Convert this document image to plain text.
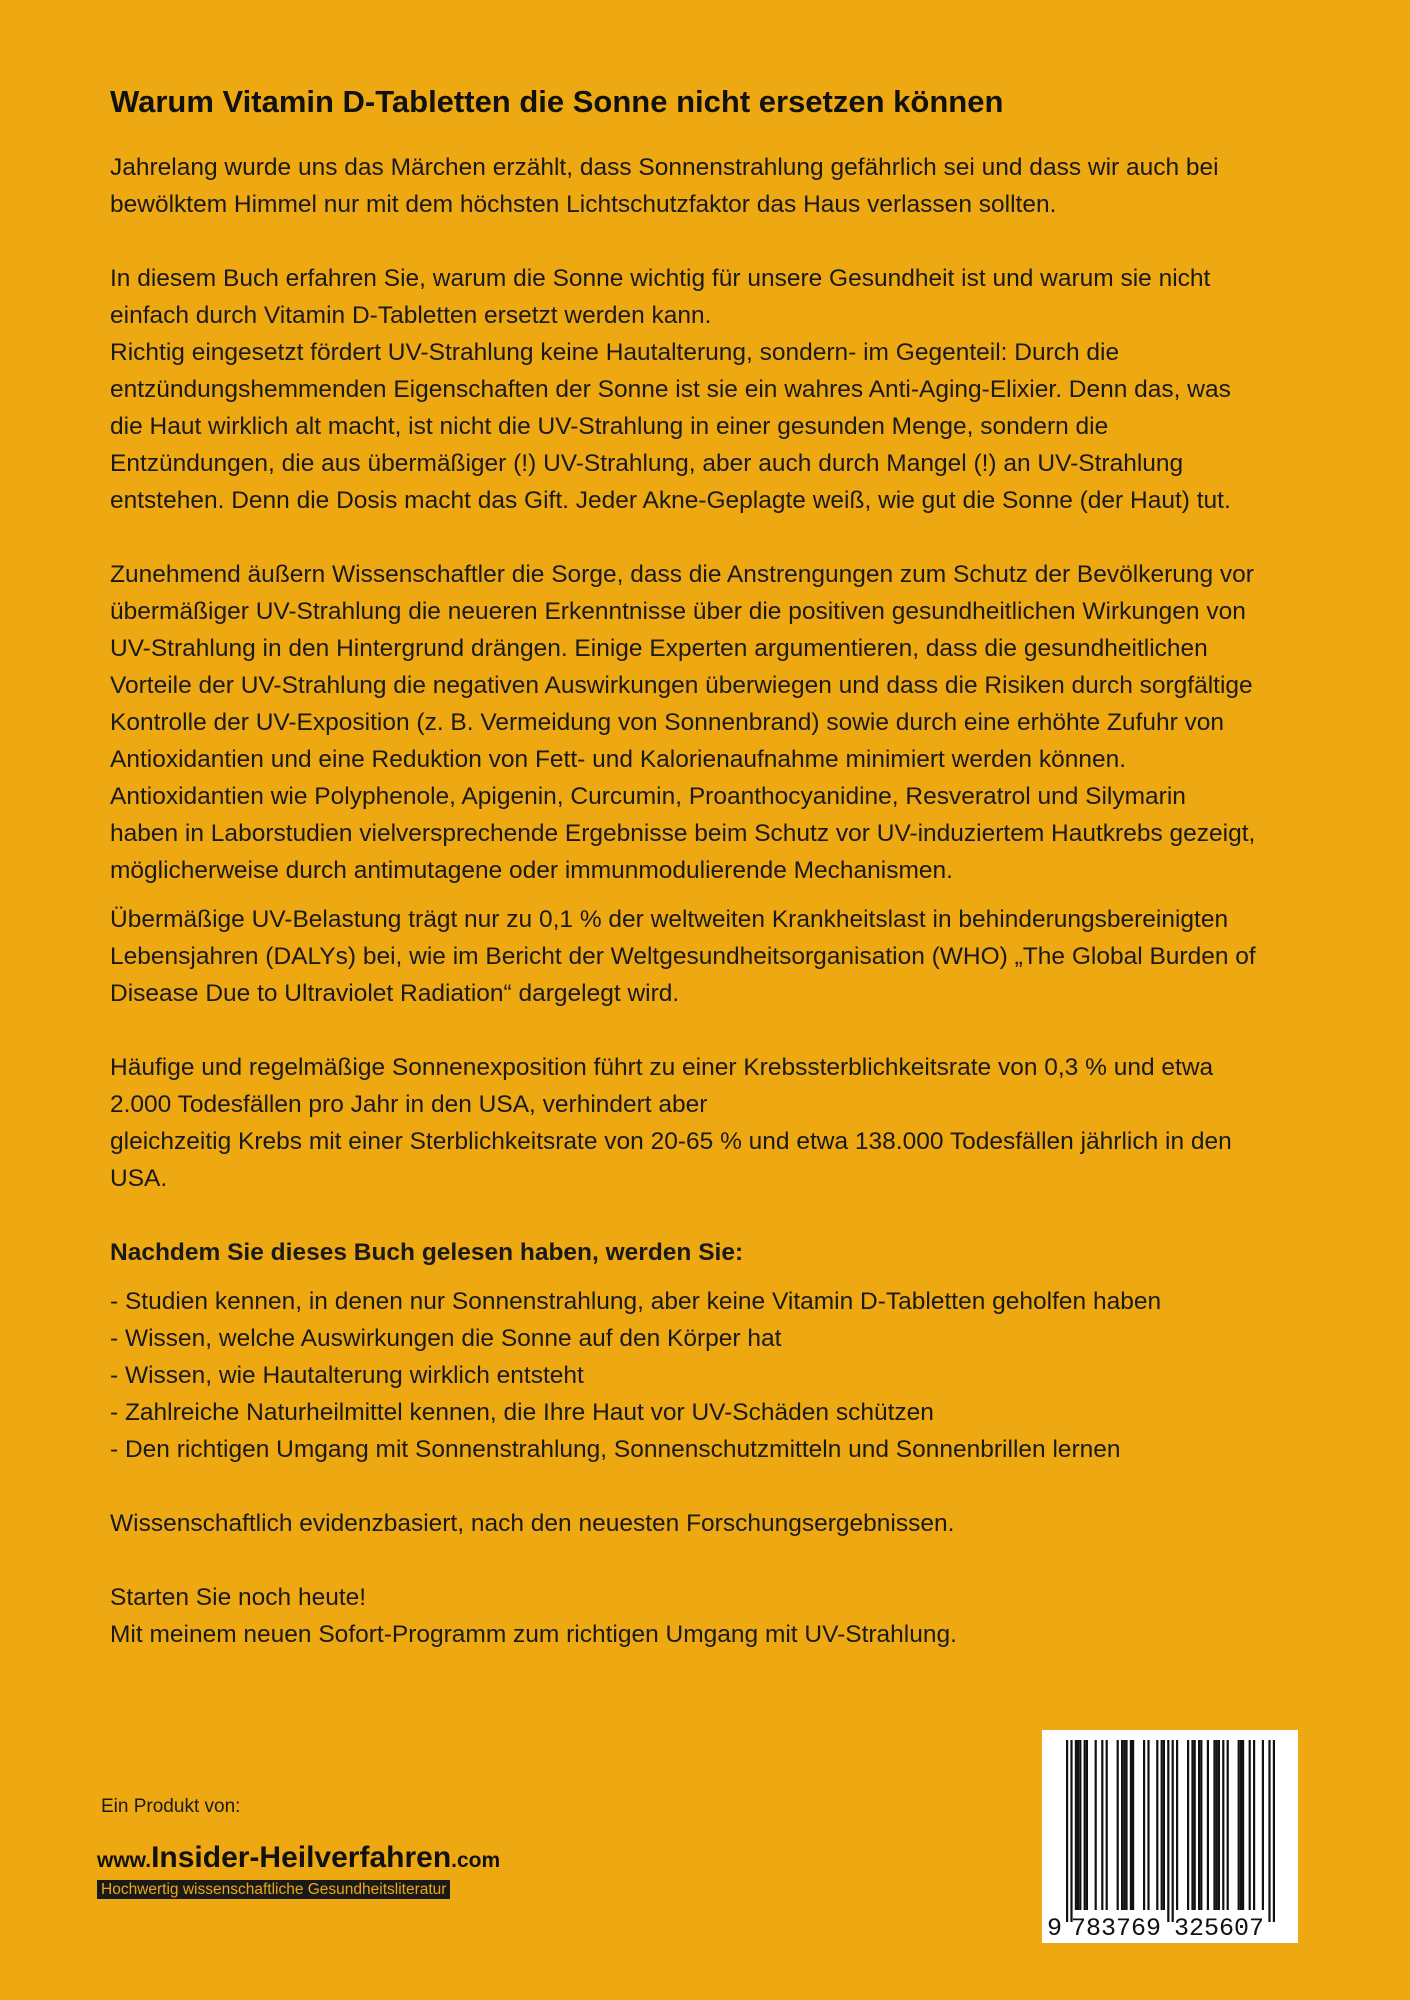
Warum Vitamin D-Tabletten die Sonne nicht ersetzen können

Jahrelang wurde uns das Märchen erzählt, dass Sonnenstrahlung gefährlich sei und dass wir auch bei bewölktem Himmel nur mit dem höchsten Lichtschutzfaktor das Haus verlassen sollten.

In diesem Buch erfahren Sie, warum die Sonne wichtig für unsere Gesundheit ist und warum sie nicht einfach durch Vitamin D-Tabletten ersetzt werden kann.

Richtig eingesetzt fördert UV-Strahlung keine Hautalterung, sondern- im Gegenteil: Durch die entzündungshemmenden Eigenschaften der Sonne ist sie ein wahres Anti-Aging-Elixier. Denn das, was die Haut wirklich alt macht, ist nicht die UV-Strahlung in einer gesunden Menge, sondern die Entzündungen, die aus übermäßiger (!) UV-Strahlung, aber auch durch Mangel (!) an UV-Strahlung entstehen. Denn die Dosis macht das Gift. Jeder Akne-Geplagte weiß, wie gut die Sonne (der Haut) tut.

Zunehmend äußern Wissenschaftler die Sorge, dass die Anstrengungen zum Schutz der Bevölkerung vor übermäßiger UV-Strahlung die neueren Erkenntnisse über die positiven gesundheitlichen Wirkungen von UV-Strahlung in den Hintergrund drängen. Einige Experten argumentieren, dass die gesundheitlichen Vorteile der UV-Strahlung die negativen Auswirkungen überwiegen und dass die Risiken durch sorgfältige Kontrolle der UV-Exposition (z. B. Vermeidung von Sonnenbrand) sowie durch eine erhöhte Zufuhr von Antioxidantien und eine Reduktion von Fett- und Kalorienaufnahme minimiert werden können. Antioxidantien wie Polyphenole, Apigenin, Curcumin, Proanthocyanidine, Resveratrol und Silymarin haben in Laborstudien vielversprechende Ergebnisse beim Schutz vor UV-induziertem Hautkrebs gezeigt, möglicherweise durch antimutagene oder immunmodulierende Mechanismen.

Übermäßige UV-Belastung trägt nur zu 0,1 % der weltweiten Krankheitslast in behinderungsbereinigten Lebensjahren (DALYs) bei, wie im Bericht der Weltgesundheitsorganisation (WHO) „The Global Burden of Disease Due to Ultraviolet Radiation“ dargelegt wird.

Häufige und regelmäßige Sonnenexposition führt zu einer Krebssterblichkeitsrate von 0,3 % und etwa 2.000 Todesfällen pro Jahr in den USA, verhindert aber

gleichzeitig Krebs mit einer Sterblichkeitsrate von 20-65 % und etwa 138.000 Todesfällen jährlich in den USA.

Nachdem Sie dieses Buch gelesen haben, werden Sie:

- Studien kennen, in denen nur Sonnenstrahlung, aber keine Vitamin D-Tabletten geholfen haben
- Wissen, welche Auswirkungen die Sonne auf den Körper hat
- Wissen, wie Hautalterung wirklich entsteht
- Zahlreiche Naturheilmittel kennen, die Ihre Haut vor UV-Schäden schützen
- Den richtigen Umgang mit Sonnenstrahlung, Sonnenschutzmitteln und Sonnenbrillen lernen

Wissenschaftlich evidenzbasiert, nach den neuesten Forschungsergebnissen.

Starten Sie noch heute!

Mit meinem neuen Sofort-Programm zum richtigen Umgang mit UV-Strahlung.

Ein Produkt von:
www.Insider-Heilverfahren.com
Hochwertig wissenschaftliche Gesundheitsliteratur
9 783769 325607
